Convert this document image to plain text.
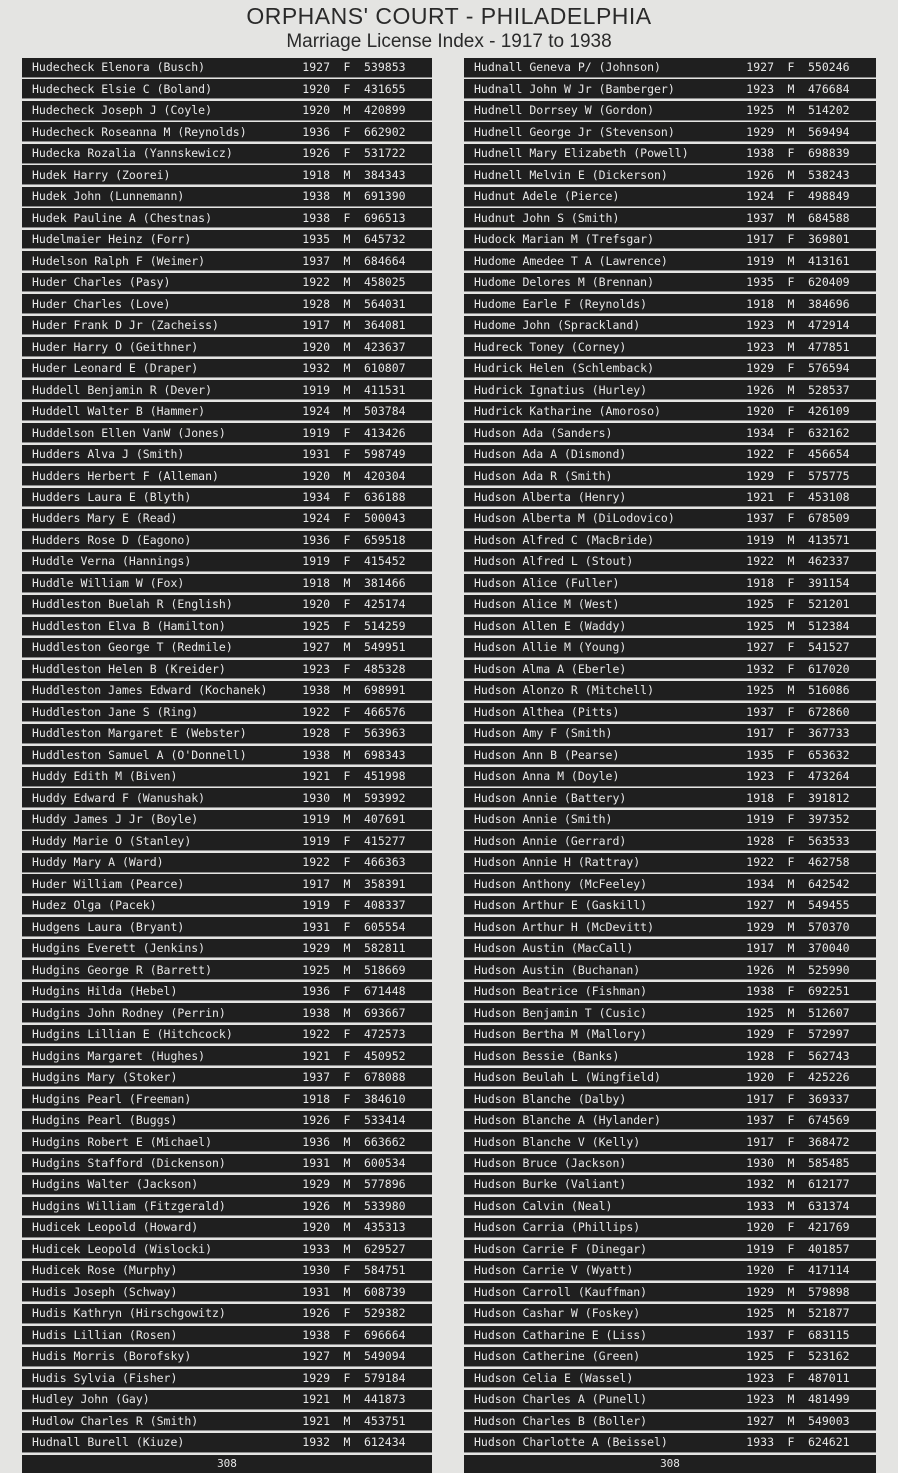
ORPHANS' COURT - PHILADELPHIA
Marriage License Index - 1917 to 1938
Hudecheck Elenora (Busch)	1927	F	539853
Hudecheck Elsie C (Boland)	1920	F	431655
Hudecheck Joseph J (Coyle)	1920	M	420899
Hudecheck Roseanna M (Reynolds)	1936	F	662902
Hudecka Rozalia (Yannskewicz)	1926	F	531722
Hudek Harry (Zoorei)	1918	M	384343
Hudek John (Lunnemann)	1938	M	691390
Hudek Pauline A (Chestnas)	1938	F	696513
Hudelmaier Heinz (Forr)	1935	M	645732
Hudelson Ralph F (Weimer)	1937	M	684664
Huder Charles (Pasy)	1922	M	458025
Huder Charles (Love)	1928	M	564031
Huder Frank D Jr (Zacheiss)	1917	M	364081
Huder Harry O (Geithner)	1920	M	423637
Huder Leonard E (Draper)	1932	M	610807
Huddell Benjamin R (Dever)	1919	M	411531
Huddell Walter B (Hammer)	1924	M	503784
Huddelson Ellen VanW (Jones)	1919	F	413426
Hudders Alva J (Smith)	1931	F	598749
Hudders Herbert F (Alleman)	1920	M	420304
Hudders Laura E (Blyth)	1934	F	636188
Hudders Mary E (Read)	1924	F	500043
Hudders Rose D (Eagono)	1936	F	659518
Huddle Verna (Hannings)	1919	F	415452
Huddle William W (Fox)	1918	M	381466
Huddleston Buelah R (English)	1920	F	425174
Huddleston Elva B (Hamilton)	1925	F	514259
Huddleston George T (Redmile)	1927	M	549951
Huddleston Helen B (Kreider)	1923	F	485328
Huddleston James Edward (Kochanek)	1938	M	698991
Huddleston Jane S (Ring)	1922	F	466576
Huddleston Margaret E (Webster)	1928	F	563963
Huddleston Samuel A (O'Donnell)	1938	M	698343
Huddy Edith M (Biven)	1921	F	451998
Huddy Edward F (Wanushak)	1930	M	593992
Huddy James J Jr (Boyle)	1919	M	407691
Huddy Marie O (Stanley)	1919	F	415277
Huddy Mary A (Ward)	1922	F	466363
Huder William (Pearce)	1917	M	358391
Hudez Olga (Pacek)	1919	F	408337
Hudgens Laura (Bryant)	1931	F	605554
Hudgins Everett (Jenkins)	1929	M	582811
Hudgins George R (Barrett)	1925	M	518669
Hudgins Hilda (Hebel)	1936	F	671448
Hudgins John Rodney (Perrin)	1938	M	693667
Hudgins Lillian E (Hitchcock)	1922	F	472573
Hudgins Margaret (Hughes)	1921	F	450952
Hudgins Mary (Stoker)	1937	F	678088
Hudgins Pearl (Freeman)	1918	F	384610
Hudgins Pearl (Buggs)	1926	F	533414
Hudgins Robert E (Michael)	1936	M	663662
Hudgins Stafford (Dickenson)	1931	M	600534
Hudgins Walter (Jackson)	1929	M	577896
Hudgins William (Fitzgerald)	1926	M	533980
Hudicek Leopold (Howard)	1920	M	435313
Hudicek Leopold (Wislocki)	1933	M	629527
Hudicek Rose (Murphy)	1930	F	584751
Hudis Joseph (Schway)	1931	M	608739
Hudis Kathryn (Hirschgowitz)	1926	F	529382
Hudis Lillian (Rosen)	1938	F	696664
Hudis Morris (Borofsky)	1927	M	549094
Hudis Sylvia (Fisher)	1929	F	579184
Hudley John (Gay)	1921	M	441873
Hudlow Charles R (Smith)	1921	M	453751
Hudnall Burell (Kiuze)	1932	M	612434
308
Hudnall Geneva P/ (Johnson)	1927	F	550246
Hudnall John W Jr (Bamberger)	1923	M	476684
Hudnell Dorrsey W (Gordon)	1925	M	514202
Hudnell George Jr (Stevenson)	1929	M	569494
Hudnell Mary Elizabeth (Powell)	1938	F	698839
Hudnell Melvin E (Dickerson)	1926	M	538243
Hudnut Adele (Pierce)	1924	F	498849
Hudnut John S (Smith)	1937	M	684588
Hudock Marian M (Trefsgar)	1917	F	369801
Hudome Amedee T A (Lawrence)	1919	M	413161
Hudome Delores M (Brennan)	1935	F	620409
Hudome Earle F (Reynolds)	1918	M	384696
Hudome John (Sprackland)	1923	M	472914
Hudreck Toney (Corney)	1923	M	477851
Hudrick Helen (Schlemback)	1929	F	576594
Hudrick Ignatius (Hurley)	1926	M	528537
Hudrick Katharine (Amoroso)	1920	F	426109
Hudson Ada (Sanders)	1934	F	632162
Hudson Ada A (Dismond)	1922	F	456654
Hudson Ada R (Smith)	1929	F	575775
Hudson Alberta (Henry)	1921	F	453108
Hudson Alberta M (DiLodovico)	1937	F	678509
Hudson Alfred C (MacBride)	1919	M	413571
Hudson Alfred L (Stout)	1922	M	462337
Hudson Alice (Fuller)	1918	F	391154
Hudson Alice M (West)	1925	F	521201
Hudson Allen E (Waddy)	1925	M	512384
Hudson Allie M (Young)	1927	F	541527
Hudson Alma A (Eberle)	1932	F	617020
Hudson Alonzo R (Mitchell)	1925	M	516086
Hudson Althea (Pitts)	1937	F	672860
Hudson Amy F (Smith)	1917	F	367733
Hudson Ann B (Pearse)	1935	F	653632
Hudson Anna M (Doyle)	1923	F	473264
Hudson Annie (Battery)	1918	F	391812
Hudson Annie (Smith)	1919	F	397352
Hudson Annie (Gerrard)	1928	F	563533
Hudson Annie H (Rattray)	1922	F	462758
Hudson Anthony (McFeeley)	1934	M	642542
Hudson Arthur E (Gaskill)	1927	M	549455
Hudson Arthur H (McDevitt)	1929	M	570370
Hudson Austin (MacCall)	1917	M	370040
Hudson Austin (Buchanan)	1926	M	525990
Hudson Beatrice (Fishman)	1938	F	692251
Hudson Benjamin T (Cusic)	1925	M	512607
Hudson Bertha M (Mallory)	1929	F	572997
Hudson Bessie (Banks)	1928	F	562743
Hudson Beulah L (Wingfield)	1920	F	425226
Hudson Blanche (Dalby)	1917	F	369337
Hudson Blanche A (Hylander)	1937	F	674569
Hudson Blanche V (Kelly)	1917	F	368472
Hudson Bruce (Jackson)	1930	M	585485
Hudson Burke (Valiant)	1932	M	612177
Hudson Calvin (Neal)	1933	M	631374
Hudson Carria (Phillips)	1920	F	421769
Hudson Carrie F (Dinegar)	1919	F	401857
Hudson Carrie V (Wyatt)	1920	F	417114
Hudson Carroll (Kauffman)	1929	M	579898
Hudson Cashar W (Foskey)	1925	M	521877
Hudson Catharine E (Liss)	1937	F	683115
Hudson Catherine (Green)	1925	F	523162
Hudson Celia E (Wassel)	1923	F	487011
Hudson Charles A (Punell)	1923	M	481499
Hudson Charles B (Boller)	1927	M	549003
Hudson Charlotte A (Beissel)	1933	F	624621
308
